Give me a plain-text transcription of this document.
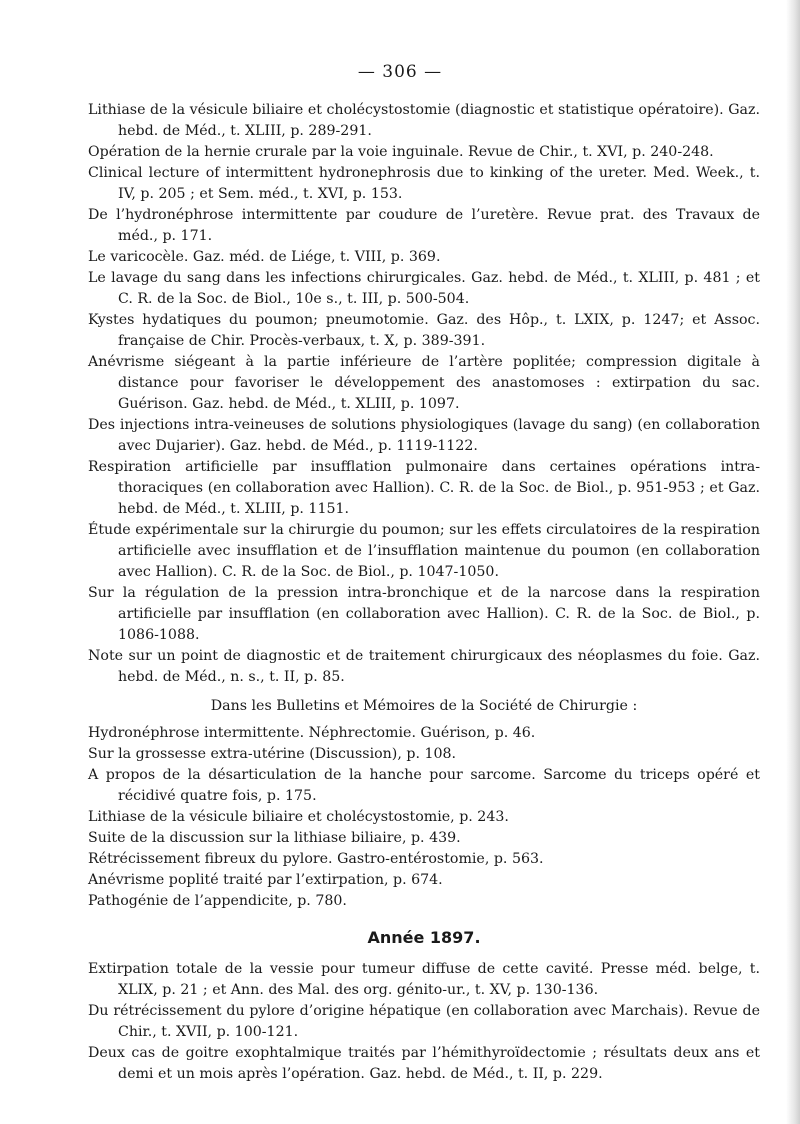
— 306 —

Lithiase de la vésicule biliaire et cholécystostomie (diagnostic et statistique opératoire). Gaz. hebd. de Méd., t. XLIII, p. 289-291.

Opération de la hernie crurale par la voie inguinale. Revue de Chir., t. XVI, p. 240-248.

Clinical lecture of intermittent hydronephrosis due to kinking of the ureter. Med. Week., t. IV, p. 205 ; et Sem. méd., t. XVI, p. 153.

De l’hydronéphrose intermittente par coudure de l’uretère. Revue prat. des Travaux de méd., p. 171.

Le varicocèle. Gaz. méd. de Liége, t. VIII, p. 369.

Le lavage du sang dans les infections chirurgicales. Gaz. hebd. de Méd., t. XLIII, p. 481 ; et C. R. de la Soc. de Biol., 10e s., t. III, p. 500-504.

Kystes hydatiques du poumon; pneumotomie. Gaz. des Hôp., t. LXIX, p. 1247; et Assoc. française de Chir. Procès-verbaux, t. X, p. 389-391.

Anévrisme siégeant à la partie inférieure de l’artère poplitée; compression digitale à distance pour favoriser le développement des anastomoses : extirpation du sac. Guérison. Gaz. hebd. de Méd., t. XLIII, p. 1097.

Des injections intra-veineuses de solutions physiologiques (lavage du sang) (en collaboration avec Dujarier). Gaz. hebd. de Méd., p. 1119-1122.

Respiration artificielle par insufflation pulmonaire dans certaines opérations intra-thoraciques (en collaboration avec Hallion). C. R. de la Soc. de Biol., p. 951-953 ; et Gaz. hebd. de Méd., t. XLIII, p. 1151.

Étude expérimentale sur la chirurgie du poumon; sur les effets circulatoires de la respiration artificielle avec insufflation et de l’insufflation maintenue du poumon (en collaboration avec Hallion). C. R. de la Soc. de Biol., p. 1047-1050.

Sur la régulation de la pression intra-bronchique et de la narcose dans la respiration artificielle par insufflation (en collaboration avec Hallion). C. R. de la Soc. de Biol., p. 1086-1088.

Note sur un point de diagnostic et de traitement chirurgicaux des néoplasmes du foie. Gaz. hebd. de Méd., n. s., t. II, p. 85.

Dans les Bulletins et Mémoires de la Société de Chirurgie :

Hydronéphrose intermittente. Néphrectomie. Guérison, p. 46.

Sur la grossesse extra-utérine (Discussion), p. 108.

A propos de la désarticulation de la hanche pour sarcome. Sarcome du triceps opéré et récidivé quatre fois, p. 175.

Lithiase de la vésicule biliaire et cholécystostomie, p. 243.

Suite de la discussion sur la lithiase biliaire, p. 439.

Rétrécissement fibreux du pylore. Gastro-entérostomie, p. 563.

Anévrisme poplité traité par l’extirpation, p. 674.

Pathogénie de l’appendicite, p. 780.

Année 1897.

Extirpation totale de la vessie pour tumeur diffuse de cette cavité. Presse méd. belge, t. XLIX, p. 21 ; et Ann. des Mal. des org. génito-ur., t. XV, p. 130-136.

Du rétrécissement du pylore d’origine hépatique (en collaboration avec Marchais). Revue de Chir., t. XVII, p. 100-121.

Deux cas de goitre exophtalmique traités par l’hémithyroïdectomie ; résultats deux ans et demi et un mois après l’opération. Gaz. hebd. de Méd., t. II, p. 229.
